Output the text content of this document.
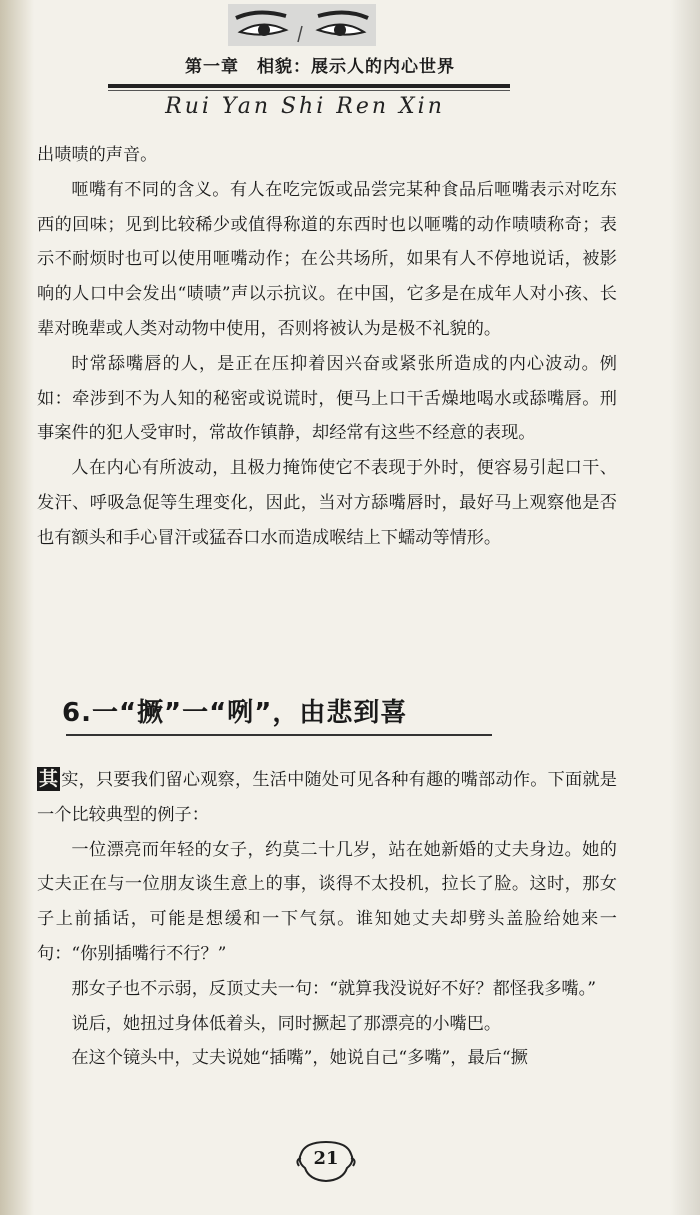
第一章　相貌：展示人的内心世界
Rui Yan Shi Ren Xin

出啧啧的声音。

咂嘴有不同的含义。有人在吃完饭或品尝完某种食品后咂嘴表示对吃东西的回味；见到比较稀少或值得称道的东西时也以咂嘴的动作啧啧称奇；表示不耐烦时也可以使用咂嘴动作；在公共场所，如果有人不停地说话，被影响的人口中会发出“啧啧”声以示抗议。在中国，它多是在成年人对小孩、长辈对晚辈或人类对动物中使用，否则将被认为是极不礼貌的。

时常舔嘴唇的人，是正在压抑着因兴奋或紧张所造成的内心波动。例如：牵涉到不为人知的秘密或说谎时，便马上口干舌燥地喝水或舔嘴唇。刑事案件的犯人受审时，常故作镇静，却经常有这些不经意的表现。

人在内心有所波动，且极力掩饰使它不表现于外时，便容易引起口干、发汗、呼吸急促等生理变化，因此，当对方舔嘴唇时，最好马上观察他是否也有额头和手心冒汗或猛吞口水而造成喉结上下蠕动等情形。

6.一“撅”一“咧”，由悲到喜

其 实，只要我们留心观察，生活中随处可见各种有趣的嘴部动作。下面就是一个比较典型的例子：

一位漂亮而年轻的女子，约莫二十几岁，站在她新婚的丈夫身边。她的丈夫正在与一位朋友谈生意上的事，谈得不太投机，拉长了脸。这时，那女子上前插话，可能是想缓和一下气氛。谁知她丈夫却劈头盖脸给她来一句：“你别插嘴行不行？”

那女子也不示弱，反顶丈夫一句：“就算我没说好不好？都怪我多嘴。”

说后，她扭过身体低着头，同时撅起了那漂亮的小嘴巴。

在这个镜头中，丈夫说她“插嘴”，她说自己“多嘴”，最后“撅

21
